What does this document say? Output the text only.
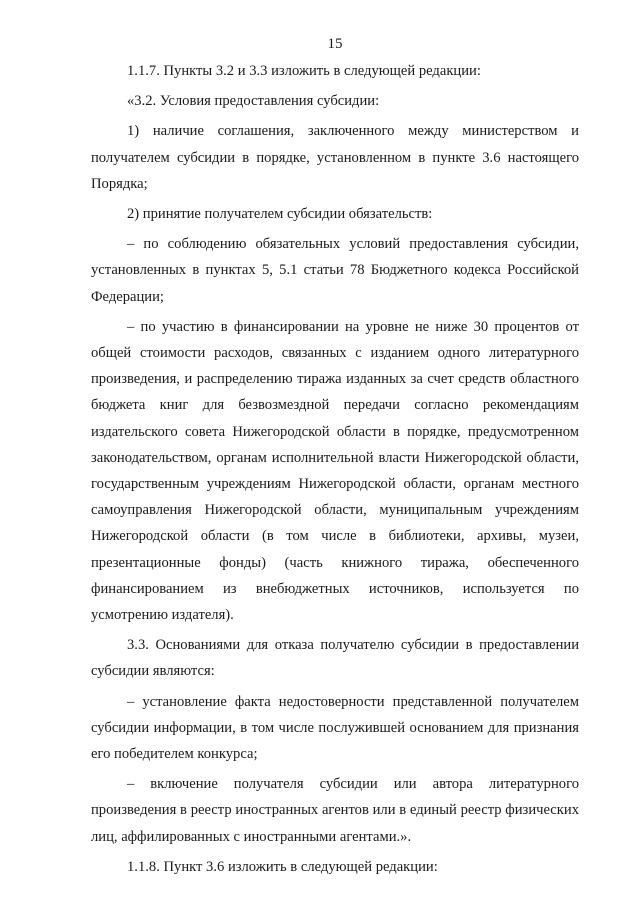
15

1.1.7. Пункты 3.2 и 3.3 изложить в следующей редакции:

«3.2. Условия предоставления субсидии:

1) наличие соглашения, заключенного между министерством и получателем субсидии в порядке, установленном в пункте 3.6 настоящего Порядка;

2) принятие получателем субсидии обязательств:

– по соблюдению обязательных условий предоставления субсидии, установленных в пунктах 5, 5.1 статьи 78 Бюджетного кодекса Российской Федерации;

– по участию в финансировании на уровне не ниже 30 процентов от общей стоимости расходов, связанных с изданием одного литературного произведения, и распределению тиража изданных за счет средств областного бюджета книг для безвозмездной передачи согласно рекомендациям издательского совета Нижегородской области в порядке, предусмотренном законодательством, органам исполнительной власти Нижегородской области, государственным учреждениям Нижегородской области, органам местного самоуправления Нижегородской области, муниципальным учреждениям Нижегородской области (в том числе в библиотеки, архивы, музеи, презентационные фонды) (часть книжного тиража, обеспеченного финансированием из внебюджетных источников, используется по усмотрению издателя).

3.3. Основаниями для отказа получателю субсидии в предоставлении субсидии являются:

– установление факта недостоверности представленной получателем субсидии информации, в том числе послужившей основанием для признания его победителем конкурса;

– включение получателя субсидии или автора литературного произведения в реестр иностранных агентов или в единый реестр физических лиц, аффилированных с иностранными агентами.».

1.1.8. Пункт 3.6 изложить в следующей редакции:
